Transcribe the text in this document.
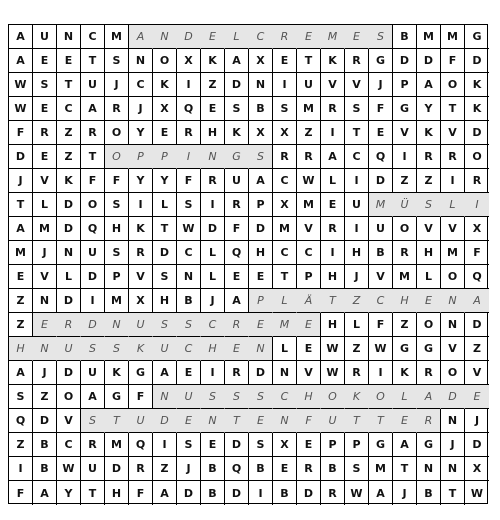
A	U	N	C	M	A	N	D	E	L	C	R	E	M	E	S	B	M	M	G
A	E	E	T	S	N	O	X	K	A	X	E	T	K	R	G	D	D	F	D
W	S	T	U	J	C	K	I	Z	D	N	I	U	V	V	J	P	A	O	K
W	E	C	A	R	J	X	Q	E	S	B	S	M	R	S	F	G	Y	T	K
F	R	Z	R	O	Y	E	R	H	K	X	X	Z	I	T	E	V	K	V	D
D	E	Z	T	O	P	P	I	N	G	S	R	R	A	C	Q	I	R	R	O
J	V	K	F	F	Y	Y	F	R	U	A	C	W	L	I	D	Z	Z	I	R
T	L	D	O	S	I	L	S	I	R	P	X	M	E	U	M	Ü	S	L	I
A	M	D	Q	H	K	T	W	D	F	D	M	V	R	I	U	O	V	V	X
M	J	N	U	S	R	D	C	L	Q	H	C	C	I	H	B	R	H	M	F
E	V	L	D	P	V	S	N	L	E	E	T	P	H	J	V	M	L	O	Q
Z	N	D	I	M	X	H	B	J	A	P	L	Ä	T	Z	C	H	E	N	A
Z	E	R	D	N	U	S	S	C	R	E	M	E	H	L	F	Z	O	N	D
H	N	U	S	S	K	U	C	H	E	N	L	E	W	Z	W	G	G	V	Z
A	J	D	U	K	G	A	E	I	R	D	N	V	W	R	I	K	R	O	V
S	Z	O	A	G	F	N	U	S	S	S	C	H	O	K	O	L	A	D	E
Q	D	V	S	T	U	D	E	N	T	E	N	F	U	T	T	E	R	N	J
Z	B	C	R	M	Q	I	S	E	D	S	X	E	P	P	G	A	G	J	D
I	B	W	U	D	R	Z	J	B	Q	B	E	R	B	S	M	T	N	N	X
F	A	Y	T	H	F	A	D	B	D	I	B	D	R	W	A	J	B	T	W
